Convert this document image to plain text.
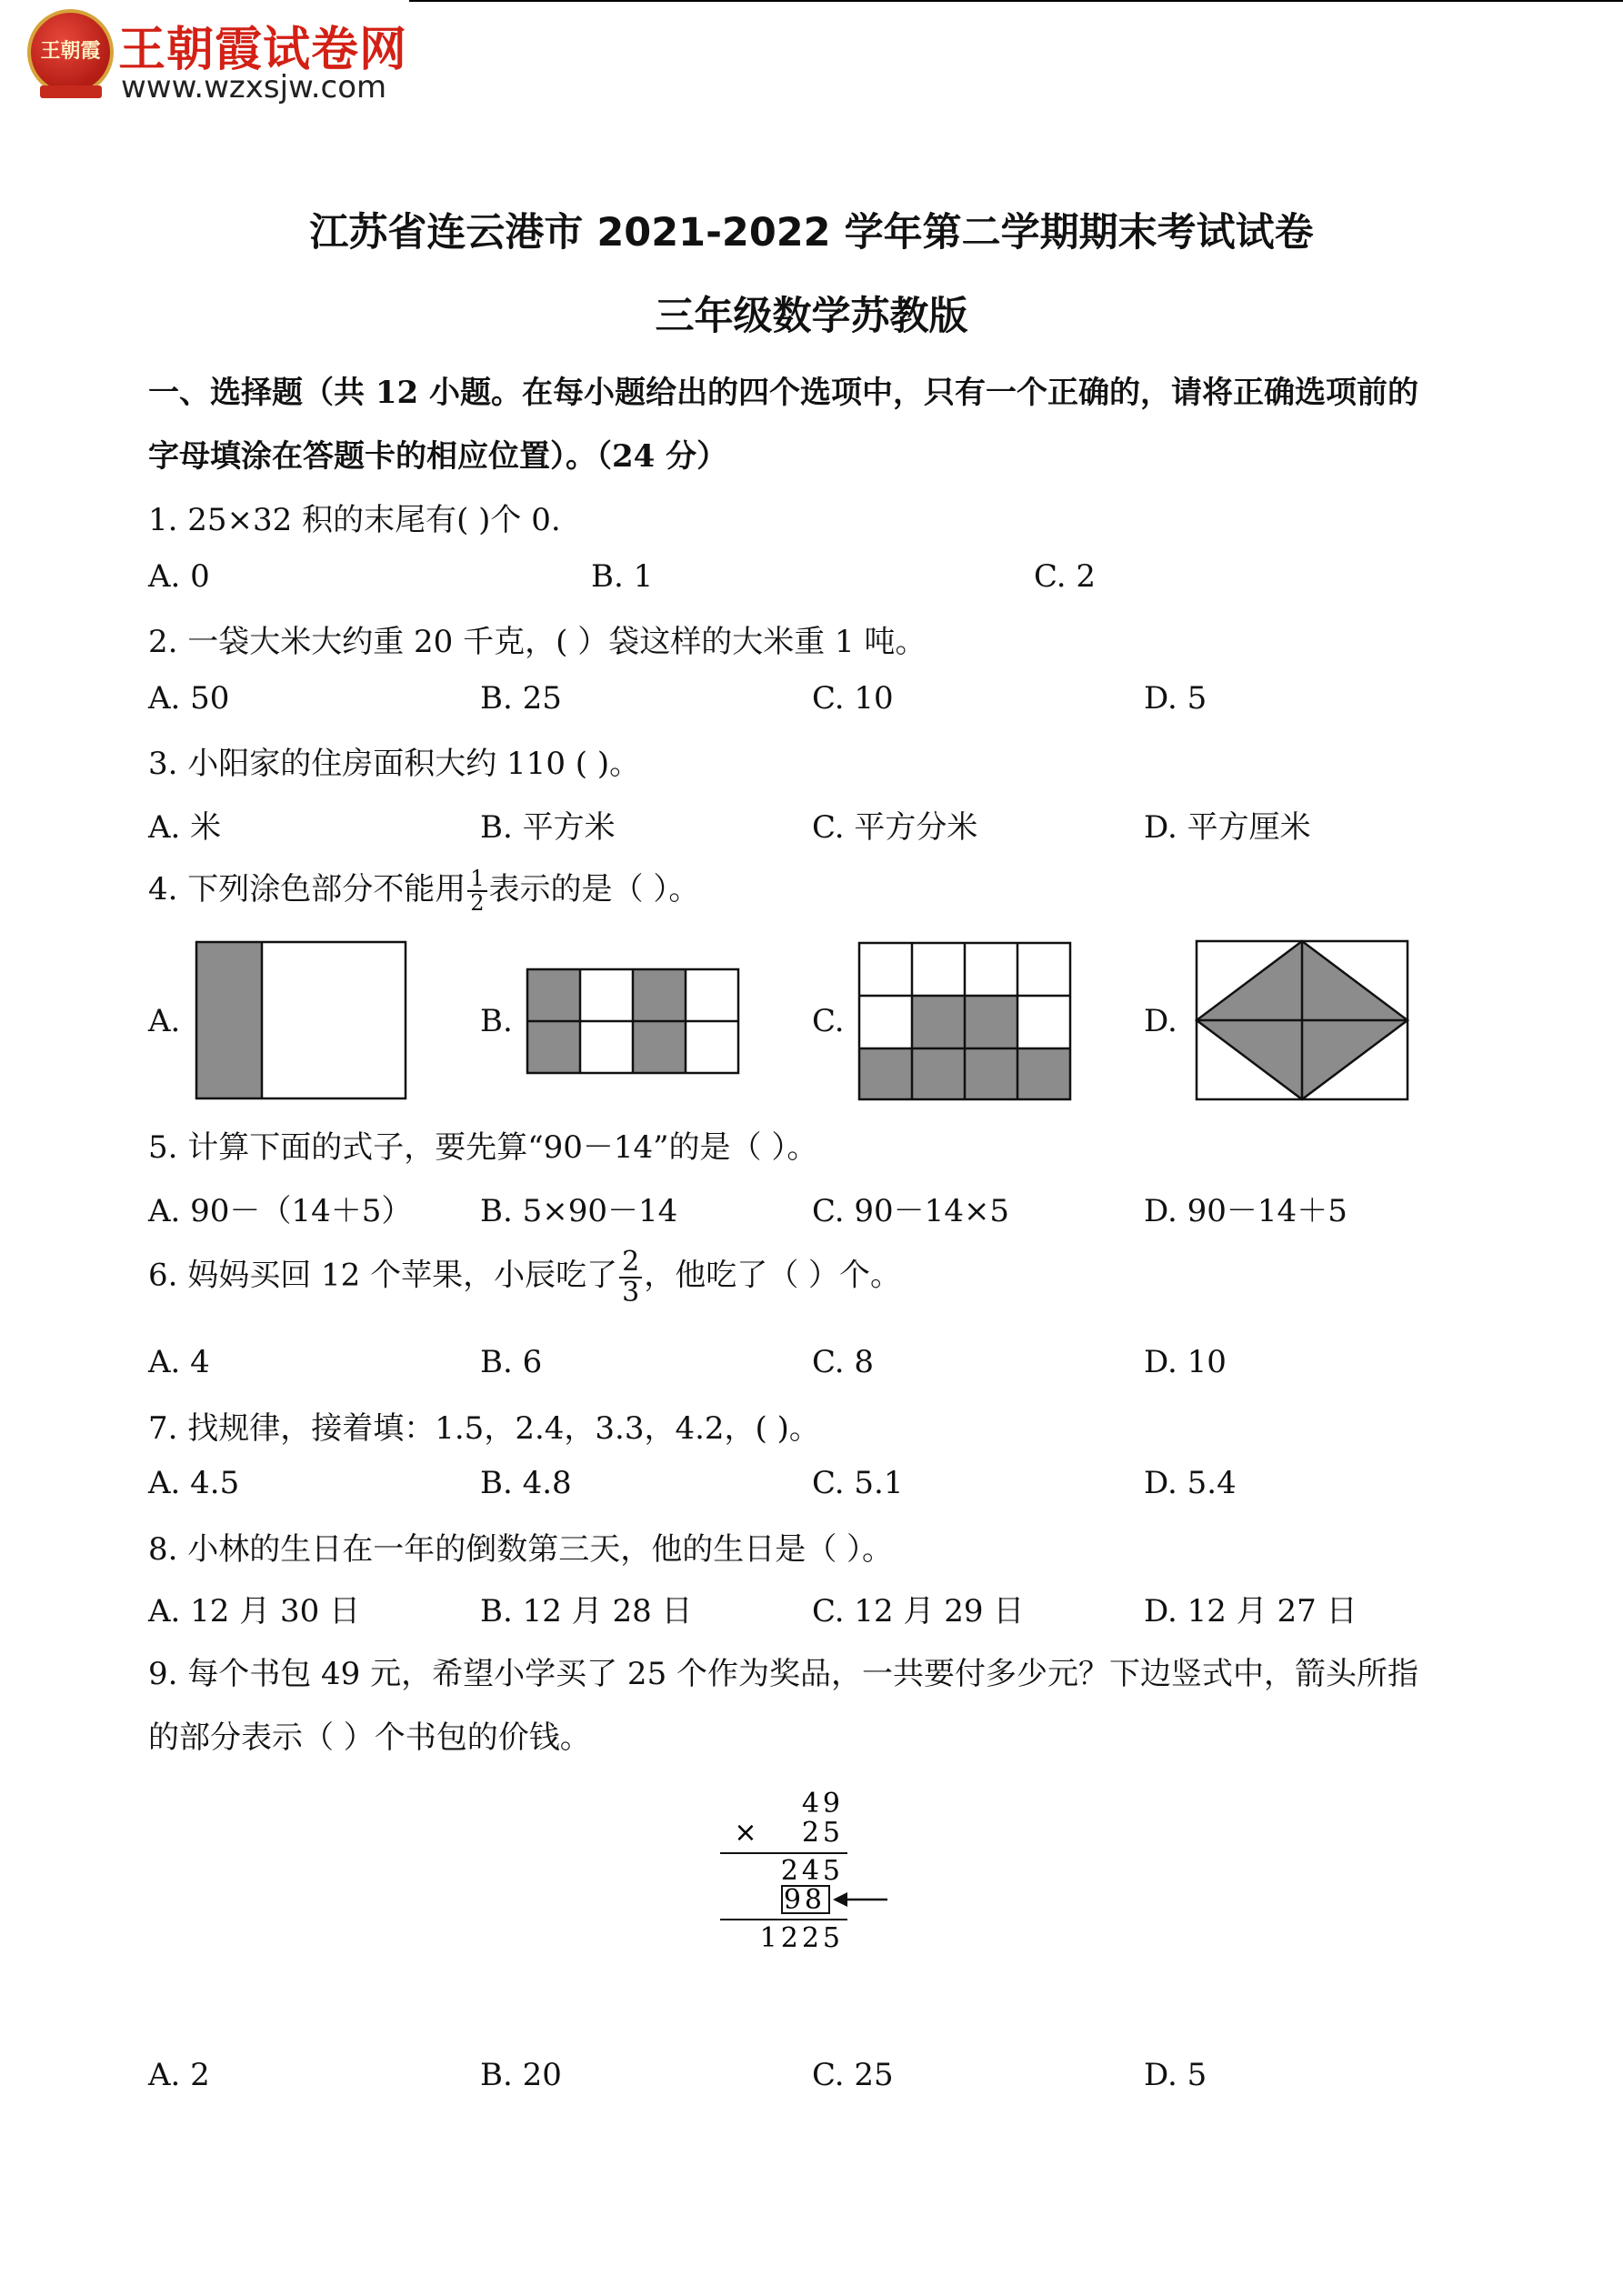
王朝霞 王朝霞试卷网
www.wzxsjw.com
江苏省连云港市 2021-2022 学年第二学期期末考试试卷
三年级数学苏教版
一、选择题（共 12 小题。在每小题给出的四个选项中，只有一个正确的，请将正确选项前的
字母填涂在答题卡的相应位置）。（24 分）
1. 25×32 积的末尾有( )个 0.
A. 0	B. 1	C. 2
2. 一袋大米大约重 20 千克，( ）袋这样的大米重 1 吨。
A. 50	B. 25	C. 10	D. 5
3. 小阳家的住房面积大约 110 ( )。
A. 米	B. 平方米	C. 平方分米	D. 平方厘米
4. 下列涂色部分不能用 $\frac{1}{2}$ 表示的是（ ）。
A.	B.	C.	D.
5. 计算下面的式子，要先算“90－14”的是（ ）。
A. 90－（14＋5） B. 5×90－14	C. 90－14×5	D. 90－14＋5
6. 妈妈买回 12 个苹果，小辰吃了 $\frac{2}{3}$ ，他吃了（ ）个。
A. 4	B. 6	C. 8	D. 10
7. 找规律，接着填：1.5，2.4，3.3，4.2，( )。
A. 4.5	B. 4.8	C. 5.1	D. 5.4
8. 小林的生日在一年的倒数第三天，他的生日是（ ）。
A. 12 月 30 日	B. 12 月 28 日	C. 12 月 29 日	D. 12 月 27 日
9. 每个书包 49 元，希望小学买了 25 个作为奖品，一共要付多少元？下边竖式中，箭头所指
的部分表示（ ）个书包的价钱。
49
× 25
245
98
1225
A. 2	B. 20	C. 25	D. 5
